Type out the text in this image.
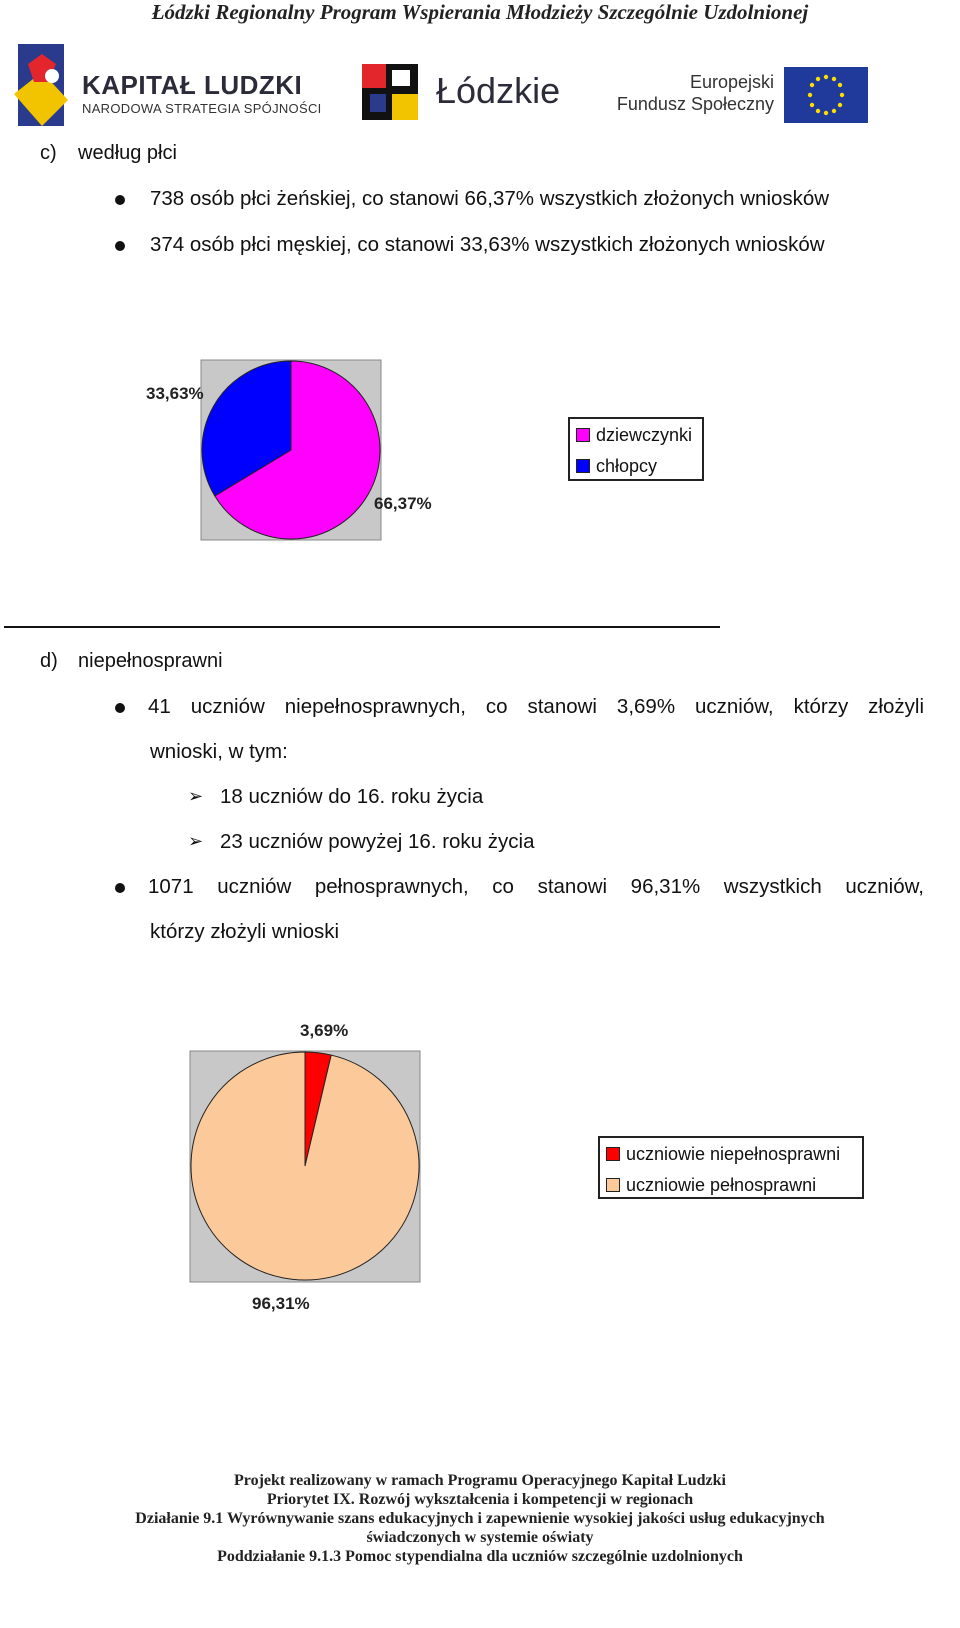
Łódzki Regionalny Program Wspierania Młodzieży Szczególnie Uzdolnionej
KAPITAŁ LUDZKI
NARODOWA STRATEGIA SPÓJNOŚCI	Łódzkie	Europejski
Fundusz Społeczny
c) według płci
738 osób płci żeńskiej, co stanowi 66,37% wszystkich złożonych wniosków
374 osób płci męskiej, co stanowi 33,63% wszystkich złożonych wniosków
33,63%
66,37%
dziewczynki
chłopcy
d) niepełnosprawni
41 uczniów niepełnosprawnych, co stanowi 3,69% uczniów, którzy złożyli
wnioski, w tym:
➢ 18 uczniów do 16. roku życia
➢ 23 uczniów powyżej 16. roku życia
1071 uczniów pełnosprawnych, co stanowi 96,31% wszystkich uczniów,
którzy złożyli wnioski
3,69%
96,31%
uczniowie niepełnosprawni
uczniowie pełnosprawni
Projekt realizowany w ramach Programu Operacyjnego Kapitał Ludzki
Priorytet IX. Rozwój wykształcenia i kompetencji w regionach
Działanie 9.1 Wyrównywanie szans edukacyjnych i zapewnienie wysokiej jakości usług edukacyjnych
świadczonych w systemie oświaty
Poddziałanie 9.1.3 Pomoc stypendialna dla uczniów szczególnie uzdolnionych
